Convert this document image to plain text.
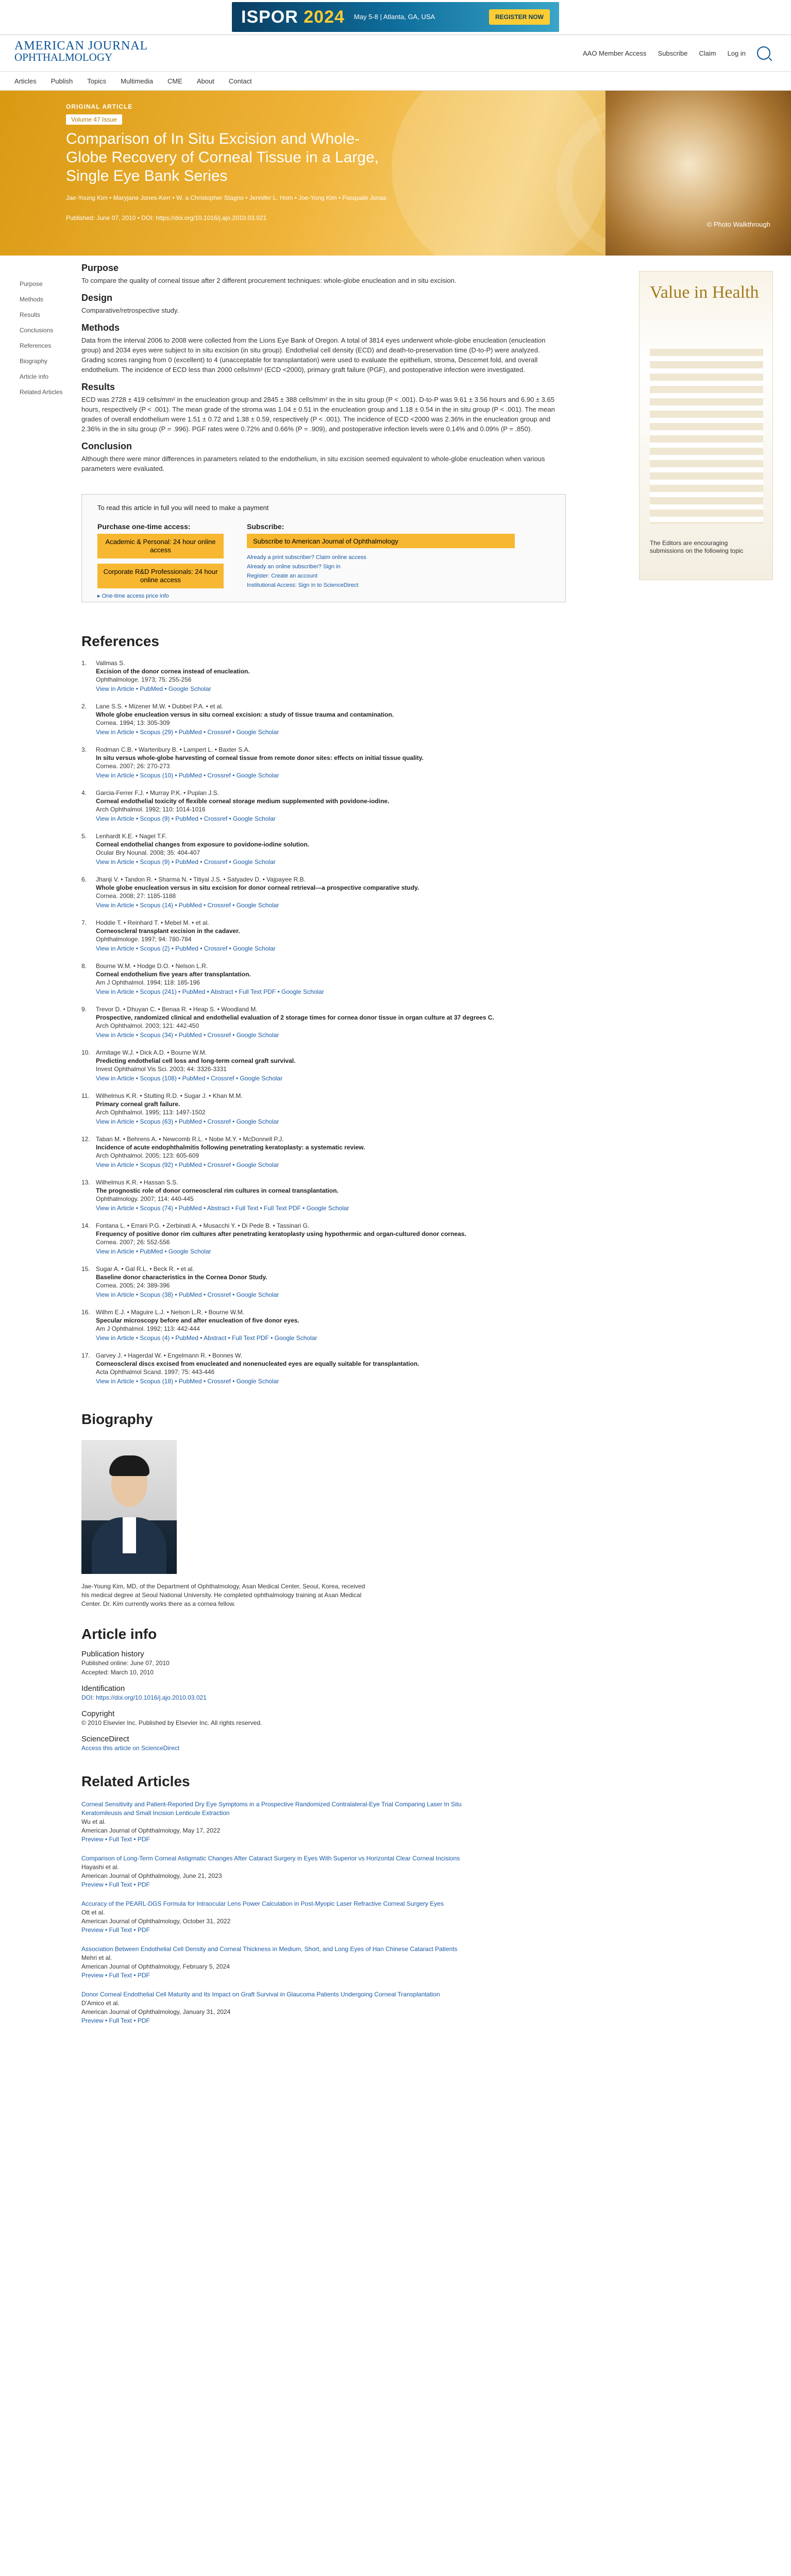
ISPOR 2024 May 5-8 | Atlanta, GA, USA	REGISTER NOW
AMERICAN JOURNAL
OPHTHALMOLOGY	AAO Member Access Subscribe Claim Log in
Articles Publish Topics Multimedia CME About Contact
ORIGINAL ARTICLE
Volume 47 Issue
Comparison of In Situ Excision and Whole-Globe Recovery of Corneal Tissue in a Large, Single Eye Bank Series
Jae-Young Kim • Maryjane Jones-Kerr • W. a Christopher Stagno • Jennifer L. Hom • Joe-Yong Kim • Pasquale Jonas
Published: June 07, 2010 • DOI: https://doi.org/10.1016/j.ajo.2010.03.021
© Photo Walkthrough
Purpose
Methods
Results
Conclusions
References
Biography
Article info
Related Articles
Purpose

To compare the quality of corneal tissue after 2 different procurement techniques: whole-globe enucleation and in situ excision.

Design

Comparative/retrospective study.

Methods

Data from the interval 2006 to 2008 were collected from the Lions Eye Bank of Oregon. A total of 3814 eyes underwent whole-globe enucleation (enucleation group) and 2034 eyes were subject to in situ excision (in situ group). Endothelial cell density (ECD) and death-to-preservation time (D-to-P) were analyzed. Grading scores ranging from 0 (excellent) to 4 (unacceptable for transplantation) were used to evaluate the epithelium, stroma, Descemet fold, and overall endothelium. The incidence of ECD less than 2000 cells/mm² (ECD <2000), primary graft failure (PGF), and postoperative infection were investigated.

Results

ECD was 2728 ± 419 cells/mm² in the enucleation group and 2845 ± 388 cells/mm² in the in situ group (P < .001). D-to-P was 9.61 ± 3.56 hours and 6.90 ± 3.65 hours, respectively (P < .001). The mean grade of the stroma was 1.04 ± 0.51 in the enucleation group and 1.18 ± 0.54 in the in situ group (P < .001). The mean grades of overall endothelium were 1.51 ± 0.72 and 1.38 ± 0.59, respectively (P < .001). The incidence of ECD <2000 was 2.36% in the enucleation group and 2.36% in the in situ group (P = .996). PGF rates were 0.72% and 0.66% (P = .909), and postoperative infection levels were 0.14% and 0.09% (P = .850).

Conclusion

Although there were minor differences in parameters related to the endothelium, in situ excision seemed equivalent to whole-globe enucleation when various parameters were evaluated.

To read this article in full you will need to make a payment
Purchase one-time access:
Academic & Personal: 24 hour online access
Corporate R&D Professionals: 24 hour online access
▸ One-time access price info
Subscribe:
Subscribe to American Journal of Ophthalmology
Already a print subscriber? Claim online access
Already an online subscriber? Sign in
Register: Create an account
Institutional Access: Sign in to ScienceDirect
References
1. Vallmas S.
Excision of the donor cornea instead of enucleation.
Ophthalmologe. 1973; 75: 255-256
View in Article • PubMed • Google Scholar
2. Lane S.S. • Mizener M.W. • Dubbel P.A. • et al.
Whole globe enucleation versus in situ corneal excision: a study of tissue trauma and contamination.
Cornea. 1994; 13: 305-309
View in Article • Scopus (29) • PubMed • Crossref • Google Scholar
3. Rodman C.B. • Wartenbury B. • Lampert L. • Baxter S.A.
In situ versus whole-globe harvesting of corneal tissue from remote donor sites: effects on initial tissue quality.
Cornea. 2007; 26: 270-273
View in Article • Scopus (10) • PubMed • Crossref • Google Scholar
4. Garcia-Ferrer F.J. • Murray P.K. • Puplan J.S.
Corneal endothelial toxicity of flexible corneal storage medium supplemented with povidone-iodine.
Arch Ophthalmol. 1992; 110: 1014-1016
View in Article • Scopus (9) • PubMed • Crossref • Google Scholar
5. Lenhardt K.E. • Nagel T.F.
Corneal endothelial changes from exposure to povidone-iodine solution.
Ocular Bry Nounal. 2008; 35: 404-407
View in Article • Scopus (9) • PubMed • Crossref • Google Scholar
6. Jhanji V. • Tandon R. • Sharma N. • Titiyal J.S. • Satyadev D. • Vajpayee R.B.
Whole globe enucleation versus in situ excision for donor corneal retrieval—a prospective comparative study.
Cornea. 2008; 27: 1185-1188
View in Article • Scopus (14) • PubMed • Crossref • Google Scholar
7. Hoddie T. • Reinhard T. • Mebel M. • et al.
Corneoscleral transplant excision in the cadaver.
Ophthalmologe. 1997; 94: 780-784
View in Article • Scopus (2) • PubMed • Crossref • Google Scholar
8. Bourne W.M. • Hodge D.O. • Nelson L.R.
Corneal endothelium five years after transplantation.
Am J Ophthalmol. 1994; 118: 185-196
View in Article • Scopus (241) • PubMed • Abstract • Full Text PDF • Google Scholar
9. Trevor D. • Dhuyan C. • Benaa R. • Heap S. • Woodland M.
Prospective, randomized clinical and endothelial evaluation of 2 storage times for cornea donor tissue in organ culture at 37 degrees C.
Arch Ophthalmol. 2003; 121: 442-450
View in Article • Scopus (34) • PubMed • Crossref • Google Scholar
10. Armitage W.J. • Dick A.D. • Bourne W.M.
Predicting endothelial cell loss and long-term corneal graft survival.
Invest Ophthalmol Vis Sci. 2003; 44: 3326-3331
View in Article • Scopus (108) • PubMed • Crossref • Google Scholar
11. Wilhelmus K.R. • Stulting R.D. • Sugar J. • Khan M.M.
Primary corneal graft failure.
Arch Ophthalmol. 1995; 113: 1497-1502
View in Article • Scopus (63) • PubMed • Crossref • Google Scholar
12. Taban M. • Behrens A. • Newcomb R.L. • Nobe M.Y. • McDonnell P.J.
Incidence of acute endophthalmitis following penetrating keratoplasty: a systematic review.
Arch Ophthalmol. 2005; 123: 605-609
View in Article • Scopus (92) • PubMed • Crossref • Google Scholar
13. Wilhelmus K.R. • Hassan S.S.
The prognostic role of donor corneoscleral rim cultures in corneal transplantation.
Ophthalmology. 2007; 114: 440-445
View in Article • Scopus (74) • PubMed • Abstract • Full Text • Full Text PDF • Google Scholar
14. Fontana L. • Errani P.G. • Zerbinati A. • Musacchi Y. • Di Pede B. • Tassinari G.
Frequency of positive donor rim cultures after penetrating keratoplasty using hypothermic and organ-cultured donor corneas.
Cornea. 2007; 26: 552-556
View in Article • PubMed • Google Scholar
15. Sugar A. • Gal R.L. • Beck R. • et al.
Baseline donor characteristics in the Cornea Donor Study.
Cornea. 2005; 24: 389-396
View in Article • Scopus (38) • PubMed • Crossref • Google Scholar
16. Wilhm E.J. • Maguire L.J. • Nelson L.R. • Bourne W.M.
Specular microscopy before and after enucleation of five donor eyes.
Am J Ophthalmol. 1992; 113: 442-444
View in Article • Scopus (4) • PubMed • Abstract • Full Text PDF • Google Scholar
17. Garvey J. • Hagerdal W. • Engelmann R. • Bonnes W.
Corneoscleral discs excised from enucleated and nonenucleated eyes are equally suitable for transplantation.
Acta Ophthalmol Scand. 1997; 75: 443-446
View in Article • Scopus (18) • PubMed • Crossref • Google Scholar
Biography

Jae-Young Kim, MD, of the Department of Ophthalmology, Asan Medical Center, Seoul, Korea, received his medical degree at Seoul National University. He completed ophthalmology training at Asan Medical Center. Dr. Kim currently works there as a cornea fellow.

Article info
Publication history
Published online: June 07, 2010
Accepted: March 10, 2010
Identification
DOI: https://doi.org/10.1016/j.ajo.2010.03.021
Copyright
© 2010 Elsevier Inc. Published by Elsevier Inc. All rights reserved.
ScienceDirect
Access this article on ScienceDirect
Related Articles
Corneal Sensitivity and Patient-Reported Dry Eye Symptoms in a Prospective Randomized Contralateral-Eye Trial Comparing Laser In Situ Keratomileusis and Small Incision Lenticule Extraction
Wu et al.
American Journal of Ophthalmology, May 17, 2022
Preview • Full Text • PDF
Comparison of Long-Term Corneal Astigmatic Changes After Cataract Surgery in Eyes With Superior vs Horizontal Clear Corneal Incisions
Hayashi et al.
American Journal of Ophthalmology, June 21, 2023
Preview • Full Text • PDF
Accuracy of the PEARL-DGS Formula for Intraocular Lens Power Calculation in Post-Myopic Laser Refractive Corneal Surgery Eyes
Ott et al.
American Journal of Ophthalmology, October 31, 2022
Preview • Full Text • PDF
Association Between Endothelial Cell Density and Corneal Thickness in Medium, Short, and Long Eyes of Han Chinese Cataract Patients
Mehri et al.
American Journal of Ophthalmology, February 5, 2024
Preview • Full Text • PDF
Donor Corneal Endothelial Cell Maturity and Its Impact on Graft Survival in Glaucoma Patients Undergoing Corneal Transplantation
D'Amico et al.
American Journal of Ophthalmology, January 31, 2024
Preview • Full Text • PDF
Value in Health
The Editors are encouraging submissions on the following topic
